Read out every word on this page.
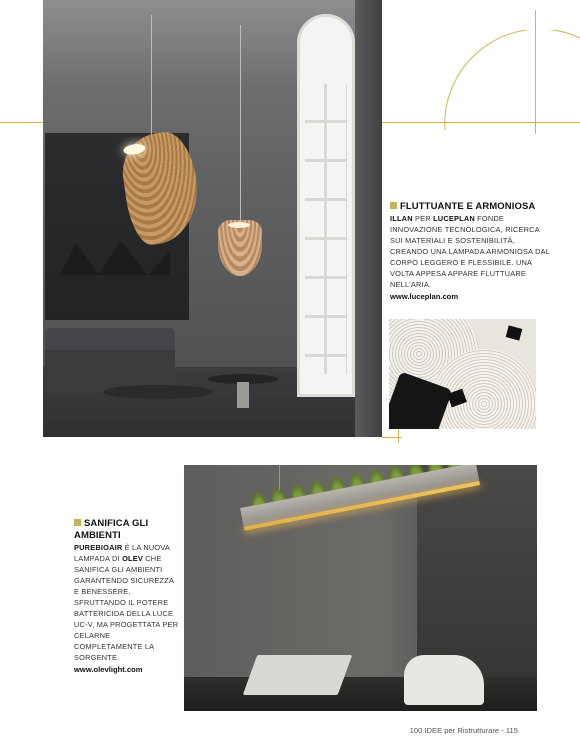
FLUTTUANTE E ARMONIOSA
ILLAN PER LUCEPLAN FONDE INNOVAZIONE TECNOLOGICA, RICERCA SUI MATERIALI E SOSTENIBILITÀ, CREANDO UNA LAMPADA ARMONIOSA DAL CORPO LEGGERO E FLESSIBILE. UNA VOLTA APPESA APPARE FLUTTUARE NELL'ARIA.
www.luceplan.com
SANIFICA GLI AMBIENTI
PUREBIOAIR È LA NUOVA LAMPADA DI OLEV CHE SANIFICA GLI AMBIENTI GARANTENDO SICUREZZA E BENESSERE, SFRUTTANDO IL POTERE BATTERICIDA DELLA LUCE UC-V, MA PROGETTATA PER CELARNE COMPLETAMENTE LA SORGENTE.
www.olevlight.com
100 IDEE per Ristrutturare - 115
